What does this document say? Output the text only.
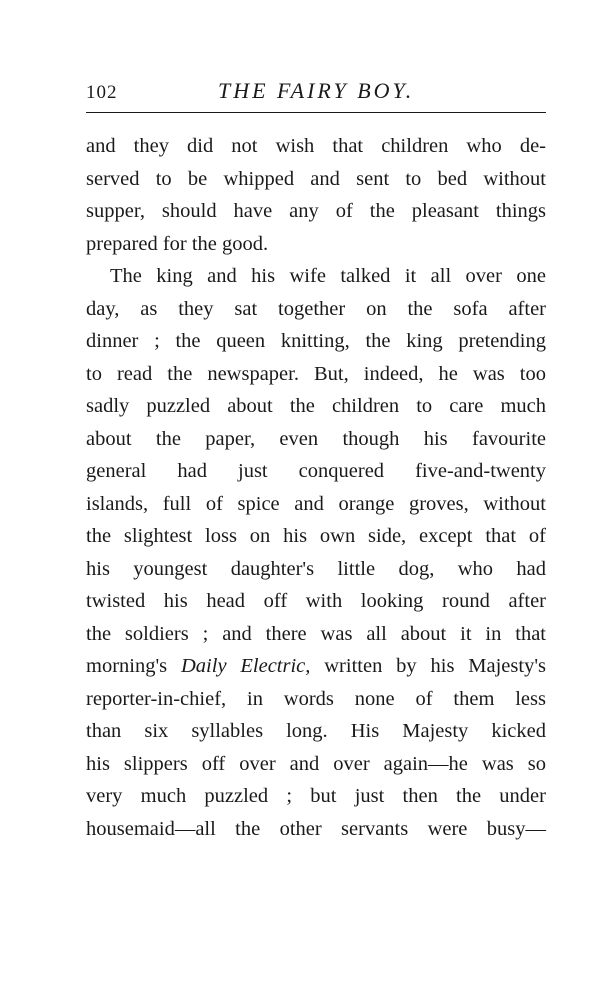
102	THE FAIRY BOY.
and they did not wish that children who de-
served to be whipped and sent to bed without
supper, should have any of the pleasant things
prepared for the good.
The king and his wife talked it all over one
day, as they sat together on the sofa after
dinner ; the queen knitting, the king pretending
to read the newspaper. But, indeed, he was too
sadly puzzled about the children to care much
about the paper, even though his favourite
general had just conquered five-and-twenty
islands, full of spice and orange groves, without
the slightest loss on his own side, except that of
his youngest daughter's little dog, who had
twisted his head off with looking round after
the soldiers ; and there was all about it in that
morning's Daily Electric, written by his Majesty's
reporter-in-chief, in words none of them less
than six syllables long. His Majesty kicked
his slippers off over and over again—he was so
very much puzzled ; but just then the under
housemaid—all the other servants were busy—
